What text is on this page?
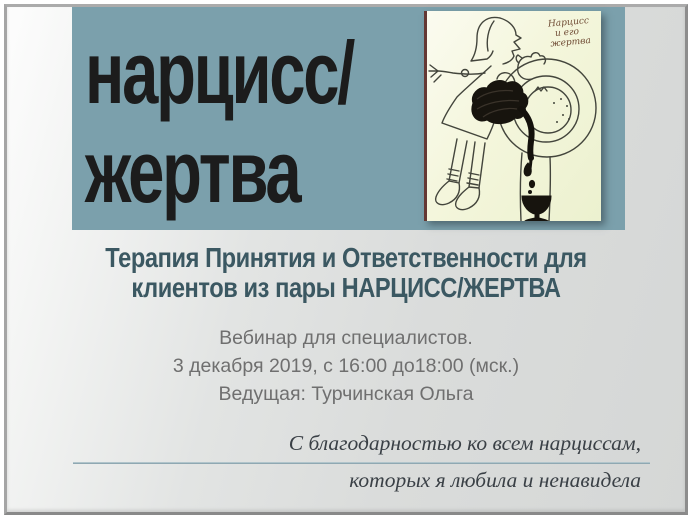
нарцисс/
жертва
Нарцисс
и его
жертва
Терапия Принятия и Ответственности для
клиентов из пары НАРЦИСС/ЖЕРТВА
Вебинар для специалистов.
3 декабря 2019, с 16:00 до18:00 (мск.)
Ведущая: Турчинская Ольга
С благодарностью ко всем нарциссам,
которых я любила и ненавидела
